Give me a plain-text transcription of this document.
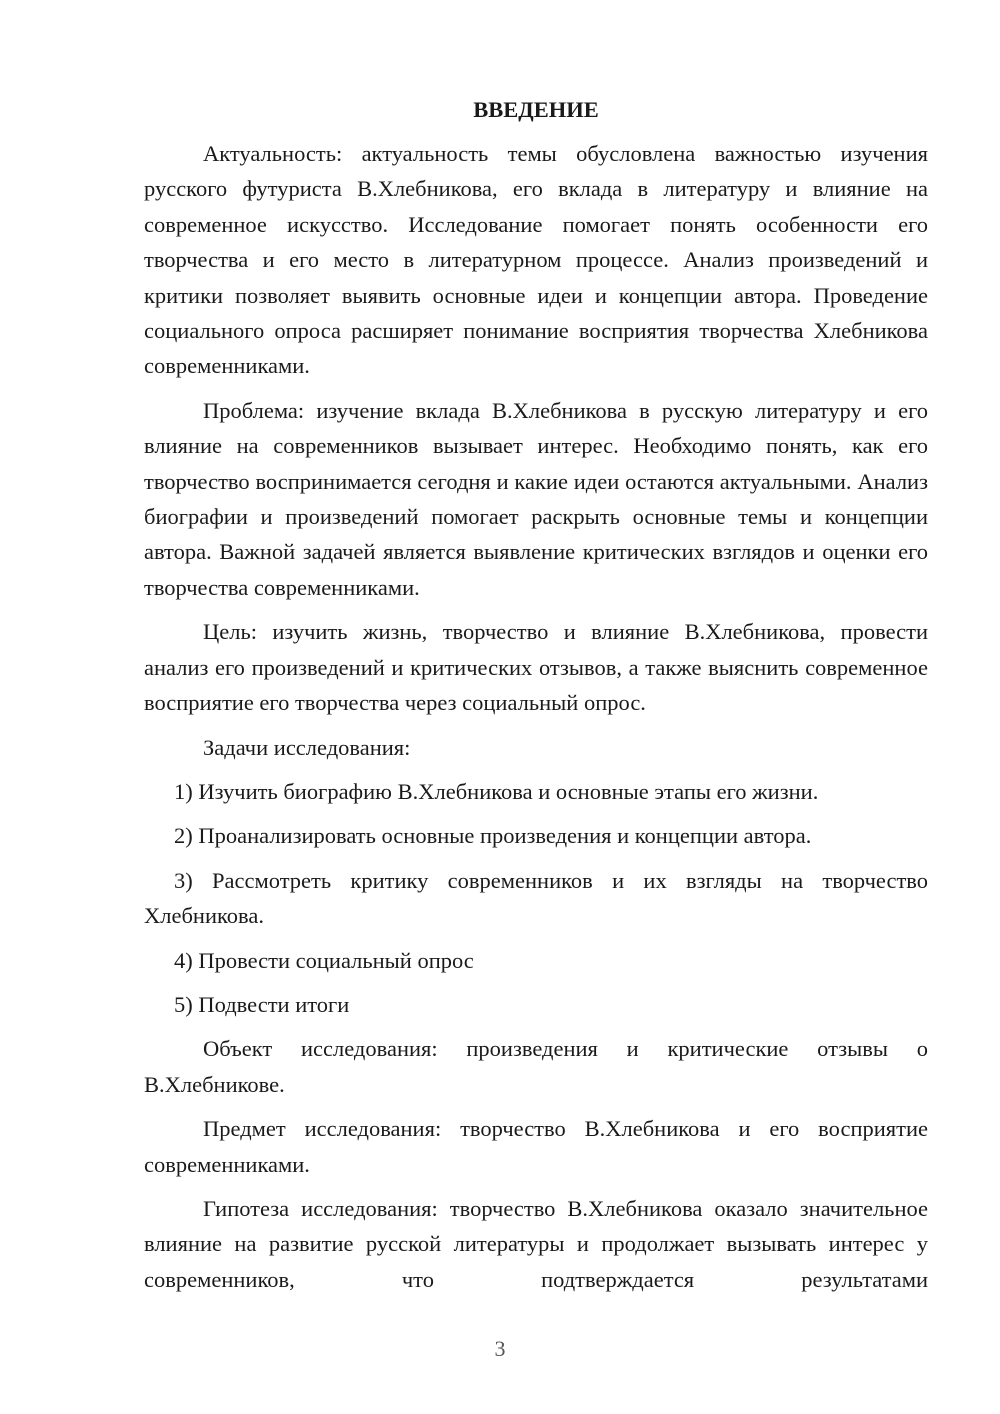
ВВЕДЕНИЕ

Актуальность: актуальность темы обусловлена важностью изучения русского футуриста В.Хлебникова, его вклада в литературу и влияние на современное искусство. Исследование помогает понять особенности его творчества и его место в литературном процессе. Анализ произведений и критики позволяет выявить основные идеи и концепции автора. Проведение социального опроса расширяет понимание восприятия творчества Хлебникова современниками.

Проблема: изучение вклада В.Хлебникова в русскую литературу и его влияние на современников вызывает интерес. Необходимо понять, как его творчество воспринимается сегодня и какие идеи остаются актуальными. Анализ биографии и произведений помогает раскрыть основные темы и концепции автора. Важной задачей является выявление критических взглядов и оценки его творчества современниками.

Цель: изучить жизнь, творчество и влияние В.Хлебникова, провести анализ его произведений и критических отзывов, а также выяснить современное восприятие его творчества через социальный опрос.

Задачи исследования:

1) Изучить биографию В.Хлебникова и основные этапы его жизни.

2) Проанализировать основные произведения и концепции автора.

3) Рассмотреть критику современников и их взгляды на творчество Хлебникова.

4) Провести социальный опрос

5) Подвести итоги

Объект исследования: произведения и критические отзывы о В.Хлебникове.

Предмет исследования: творчество В.Хлебникова и его восприятие современниками.

Гипотеза исследования: творчество В.Хлебникова оказало значительное влияние на развитие русской литературы и продолжает вызывать интерес у современников, что подтверждается результатами

3
